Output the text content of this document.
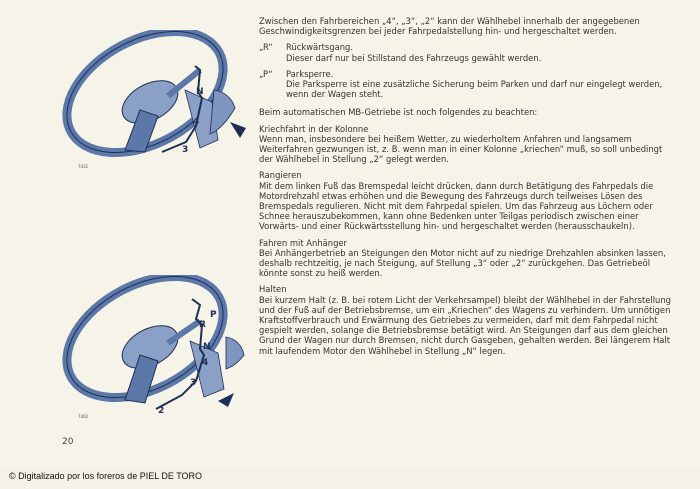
N
4
3
7431
P
R
N
4
3
2
7462

Zwischen den Fahrbereichen „4“, „3“, „2“ kann der Wählhebel innerhalb der angegebenen Geschwindigkeitsgrenzen bei jeder Fahrpedalstellung hin- und hergeschaltet werden.

„R“	Rückwärtsgang.

Dieser darf nur bei Stillstand des Fahrzeugs gewählt werden.

„P“	Parksperre.

Die Parksperre ist eine zusätzliche Sicherung beim Parken und darf nur eingelegt werden, wenn der Wagen steht.

Beim automatischen MB-Getriebe ist noch folgendes zu beachten:

Kriechfahrt in der Kolonne

Wenn man, insbesondere bei heißem Wetter, zu wiederholtem Anfahren und langsamem Weiterfahren gezwungen ist, z. B. wenn man in einer Kolonne „kriechen“ muß, so soll unbedingt der Wählhebel in Stellung „2“ gelegt werden.

Rangieren

Mit dem linken Fuß das Bremspedal leicht drücken, dann durch Betätigung des Fahrpedals die Motordrehzahl etwas erhöhen und die Bewegung des Fahrzeugs durch teilweises Lösen des Bremspedals regulieren. Nicht mit dem Fahrpedal spielen. Um das Fahrzeug aus Löchern oder Schnee herauszubekommen, kann ohne Bedenken unter Teilgas periodisch zwischen einer Vorwärts- und einer Rückwärtsstellung hin- und hergeschaltet werden (herausschaukeln).

Fahren mit Anhänger

Bei Anhängerbetrieb an Steigungen den Motor nicht auf zu niedrige Drehzahlen absinken lassen, deshalb rechtzeitig, je nach Steigung, auf Stellung „3“ oder „2“ zurückgehen. Das Getriebeöl könnte sonst zu heiß werden.

Halten

Bei kurzem Halt (z. B. bei rotem Licht der Verkehrsampel) bleibt der Wählhebel in der Fahrstellung und der Fuß auf der Betriebsbremse, um ein „Kriechen“ des Wagens zu verhindern. Um unnötigen Kraftstoffverbrauch und Erwärmung des Getriebes zu vermeiden, darf mit dem Fahrpedal nicht gespielt werden, solange die Betriebsbremse betätigt wird. An Steigungen darf aus dem gleichen Grund der Wagen nur durch Bremsen, nicht durch Gasgeben, gehalten werden. Bei längerem Halt mit laufendem Motor den Wählhebel in Stellung „N“ legen.

20
© Digitalizado por los foreros de PIEL DE TORO
